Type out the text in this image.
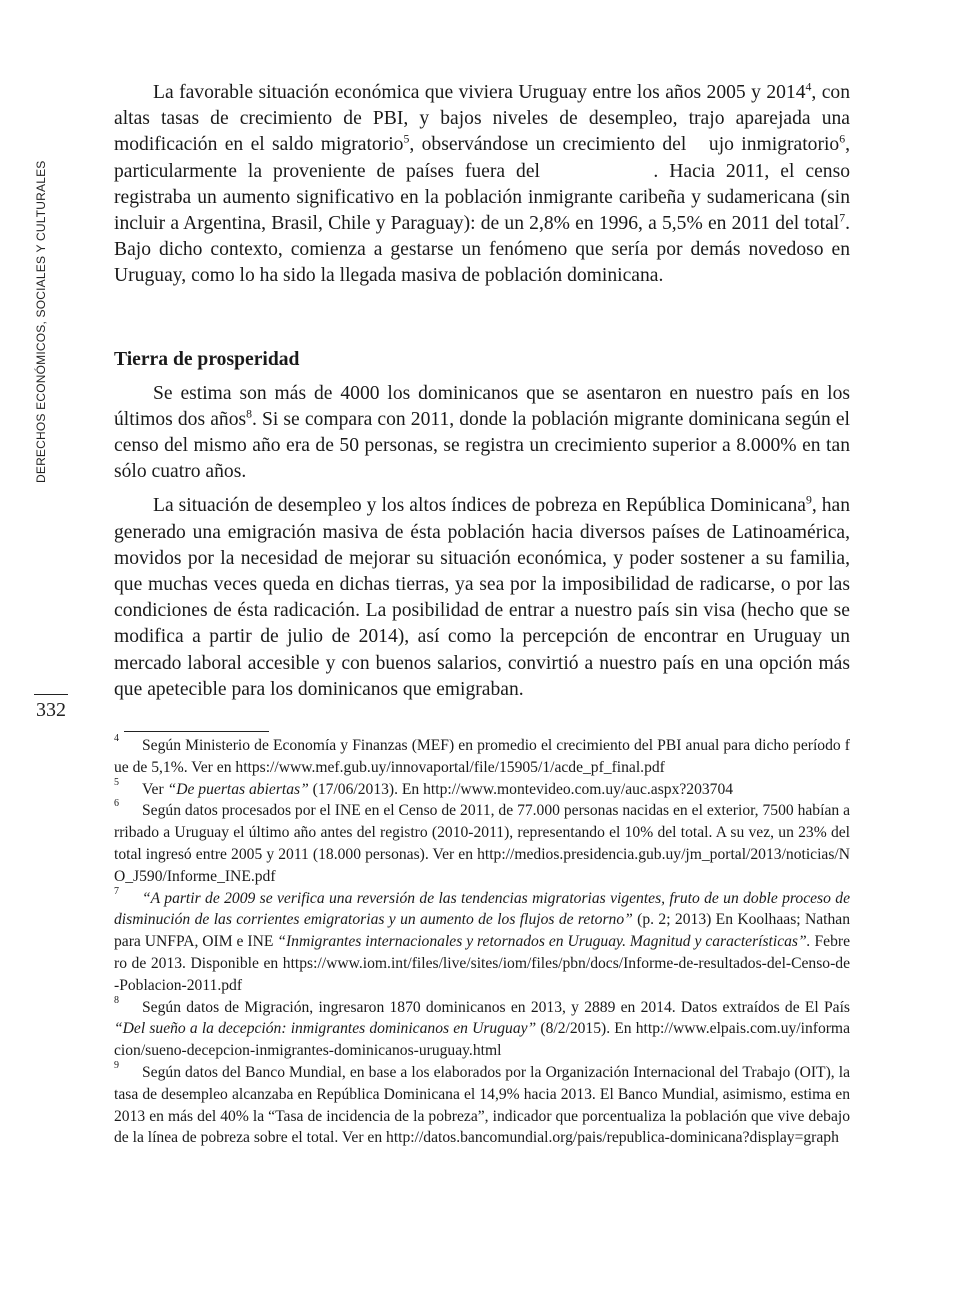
DERECHOS ECONÓMICOS, SOCIALES Y CULTURALES
332

La favorable situación económica que viviera Uruguay entre los años 2005 y 2014$^4$, con altas tasas de crecimiento de PBI, y bajos niveles de desempleo, trajo aparejada una modificación en el saldo migratorio$^5$, observándose un crecimiento del  ujo inmigratorio$^6$, particularmente la proveniente de países fuera del        . Hacia 2011, el censo registraba un aumento significativo en la población inmigrante caribeña y sudamericana (sin incluir a Argentina, Brasil, Chile y Paraguay): de un 2,8% en 1996, a 5,5% en 2011 del total$^7$. Bajo dicho contexto, comienza a gestarse un fenómeno que sería por demás novedoso en Uruguay, como lo ha sido la llegada masiva de población dominicana.

Tierra de prosperidad

Se estima son más de 4000 los dominicanos que se asentaron en nuestro país en los últimos dos años$^8$. Si se compara con 2011, donde la población migrante dominicana según el censo del mismo año era de 50 personas, se registra un crecimiento superior a 8.000% en tan sólo cuatro años.

La situación de desempleo y los altos índices de pobreza en República Dominicana$^9$, han generado una emigración masiva de ésta población hacia diversos países de Latinoamérica, movidos por la necesidad de mejorar su situación económica, y poder sostener a su familia, que muchas veces queda en dichas tierras, ya sea por la imposibilidad de radicarse, o por las condiciones de ésta radicación. La posibilidad de entrar a nuestro país sin visa (hecho que se modifica a partir de julio de 2014), así como la percepción de encontrar en Uruguay un mercado laboral accesible y con buenos salarios, convirtió a nuestro país en una opción más que apetecible para los dominicanos que emigraban.

4 Según Ministerio de Economía y Finanzas (MEF) en promedio el crecimiento del PBI anual para dicho período fue de 5,1%. Ver en https://www.mef.gub.uy/innovaportal/file/15905/1/acde_pf_final.pdf

5 Ver “De puertas abiertas” (17/06/2013). En http://www.montevideo.com.uy/auc.aspx?203704

6 Según datos procesados por el INE en el Censo de 2011, de 77.000 personas nacidas en el exterior, 7500 habían arribado a Uruguay el último año antes del registro (2010-2011), representando el 10% del total. A su vez, un 23% del total ingresó entre 2005 y 2011 (18.000 personas). Ver en http://medios.presidencia.gub.uy/jm_portal/2013/noticias/NO_J590/Informe_INE.pdf

7 “A partir de 2009 se verifica una reversión de las tendencias migratorias vigentes, fruto de un doble proceso de disminución de las corrientes emigratorias y un aumento de los flujos de retorno” (p. 2; 2013) En Koolhaas; Nathan para UNFPA, OIM e INE “Inmigrantes internacionales y retornados en Uruguay. Magnitud y características”. Febrero de 2013. Disponible en https://www.iom.int/files/live/sites/iom/files/pbn/docs/Informe-de-resultados-del-Censo-de-Poblacion-2011.pdf

8 Según datos de Migración, ingresaron 1870 dominicanos en 2013, y 2889 en 2014. Datos extraídos de El País “Del sueño a la decepción: inmigrantes dominicanos en Uruguay” (8/2/2015). En http://www.elpais.com.uy/informacion/sueno-decepcion-inmigrantes-dominicanos-uruguay.html

9 Según datos del Banco Mundial, en base a los elaborados por la Organización Internacional del Trabajo (OIT), la tasa de desempleo alcanzaba en República Dominicana el 14,9% hacia 2013. El Banco Mundial, asimismo, estima en 2013 en más del 40% la “Tasa de incidencia de la pobreza”, indicador que porcentualiza la población que vive debajo de la línea de pobreza sobre el total. Ver en http://datos.bancomundial.org/pais/republica-dominicana?display=graph
